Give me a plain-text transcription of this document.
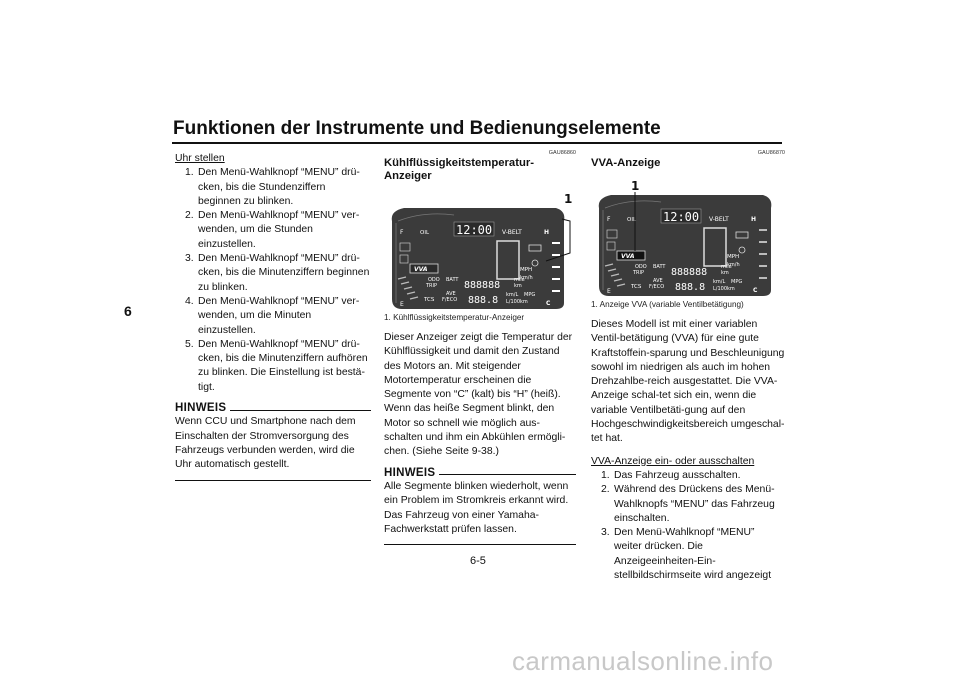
Funktionen der Instrumente und Bedienungselemente
6
Uhr stellen
1. Den Menü-Wahlknopf “MENU” drü-cken, bis die Stundenziffern beginnen zu blinken.
2. Den Menü-Wahlknopf “MENU” ver-wenden, um die Stunden einzustellen.
3. Den Menü-Wahlknopf “MENU” drü-cken, bis die Minutenziffern beginnen zu blinken.
4. Den Menü-Wahlknopf “MENU” ver-wenden, um die Minuten einzustellen.
5. Den Menü-Wahlknopf “MENU” drü-cken, bis die Minutenziffern aufhören zu blinken. Die Einstellung ist bestä-tigt.
HINWEIS
Wenn CCU und Smartphone nach dem Einschalten der Stromversorgung des Fahrzeugs verbunden werden, wird die Uhr automatisch gestellt.
GAU86860
Kühlflüssigkeitstemperatur-Anzeiger
F	OIL 12:00 V-BELT	H
MPH
km/h
VVA
ODO
TRIP
BATT 888888	mile
km
TCS
AVE
F/ECO 888.8 km/L MPG
L/100km
E	C
1
1. Kühlflüssigkeitstemperatur-Anzeiger
Dieser Anzeiger zeigt die Temperatur der Kühlflüssigkeit und damit den Zustand des Motors an. Mit steigender Motortemperatur erscheinen die Segmente von “C” (kalt) bis “H” (heiß). Wenn das heiße Segment blinkt, den Motor so schnell wie möglich aus-schalten und ihm ein Abkühlen ermögli-chen. (Siehe Seite 9-38.)
HINWEIS
Alle Segmente blinken wiederholt, wenn ein Problem im Stromkreis erkannt wird. Das Fahrzeug von einer Yamaha-Fachwerkstatt prüfen lassen.
GAU86870
VVA-Anzeige
F	OIL 12:00 V-BELT	H
MPH
km/h
VVA
ODO
TRIP
BATT 888888	mile
km
TCS
AVE
F/ECO 888.8 km/L MPG
L/100km
E	C
1
1. Anzeige VVA (variable Ventilbetätigung)
Dieses Modell ist mit einer variablen Ventil-betätigung (VVA) für eine gute Kraftstoffein-sparung und Beschleunigung sowohl im niedrigen als auch im hohen Drehzahlbe-reich ausgestattet. Die VVA-Anzeige schal-tet sich ein, wenn die variable Ventilbetäti-gung auf den Hochgeschwindigkeitsbereich umgeschal-tet hat.
VVA-Anzeige ein- oder ausschalten
1. Das Fahrzeug ausschalten.
2. Während des Drückens des Menü-Wahlknopfs “MENU” das Fahrzeug einschalten.
3. Den Menü-Wahlknopf “MENU” weiter drücken. Die Anzeigeeinheiten-Ein-stellbildschirmseite wird angezeigt
6-5
carmanualsonline.info
